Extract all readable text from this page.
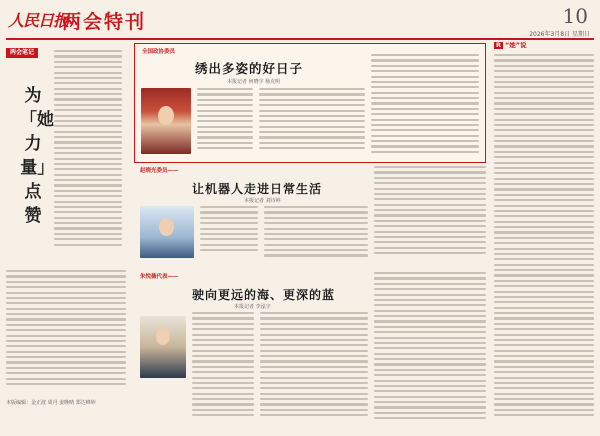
人民日报
两会特刊	10
2026年3月8日 星期日
两会笔记
为「她力量」点赞
本版编辑：金正波 周丹 姜晚晴 郑达峰婷
全国政协委员
绣出多姿的好日子
本报记者 何晓宇 杨克明
赵晓光委员——
让机器人走进日常生活
本报记者 刘诗婷
朱悦薇代表——
驶向更远的海、更深的蓝
本报记者 李泓宇
R “她”说
